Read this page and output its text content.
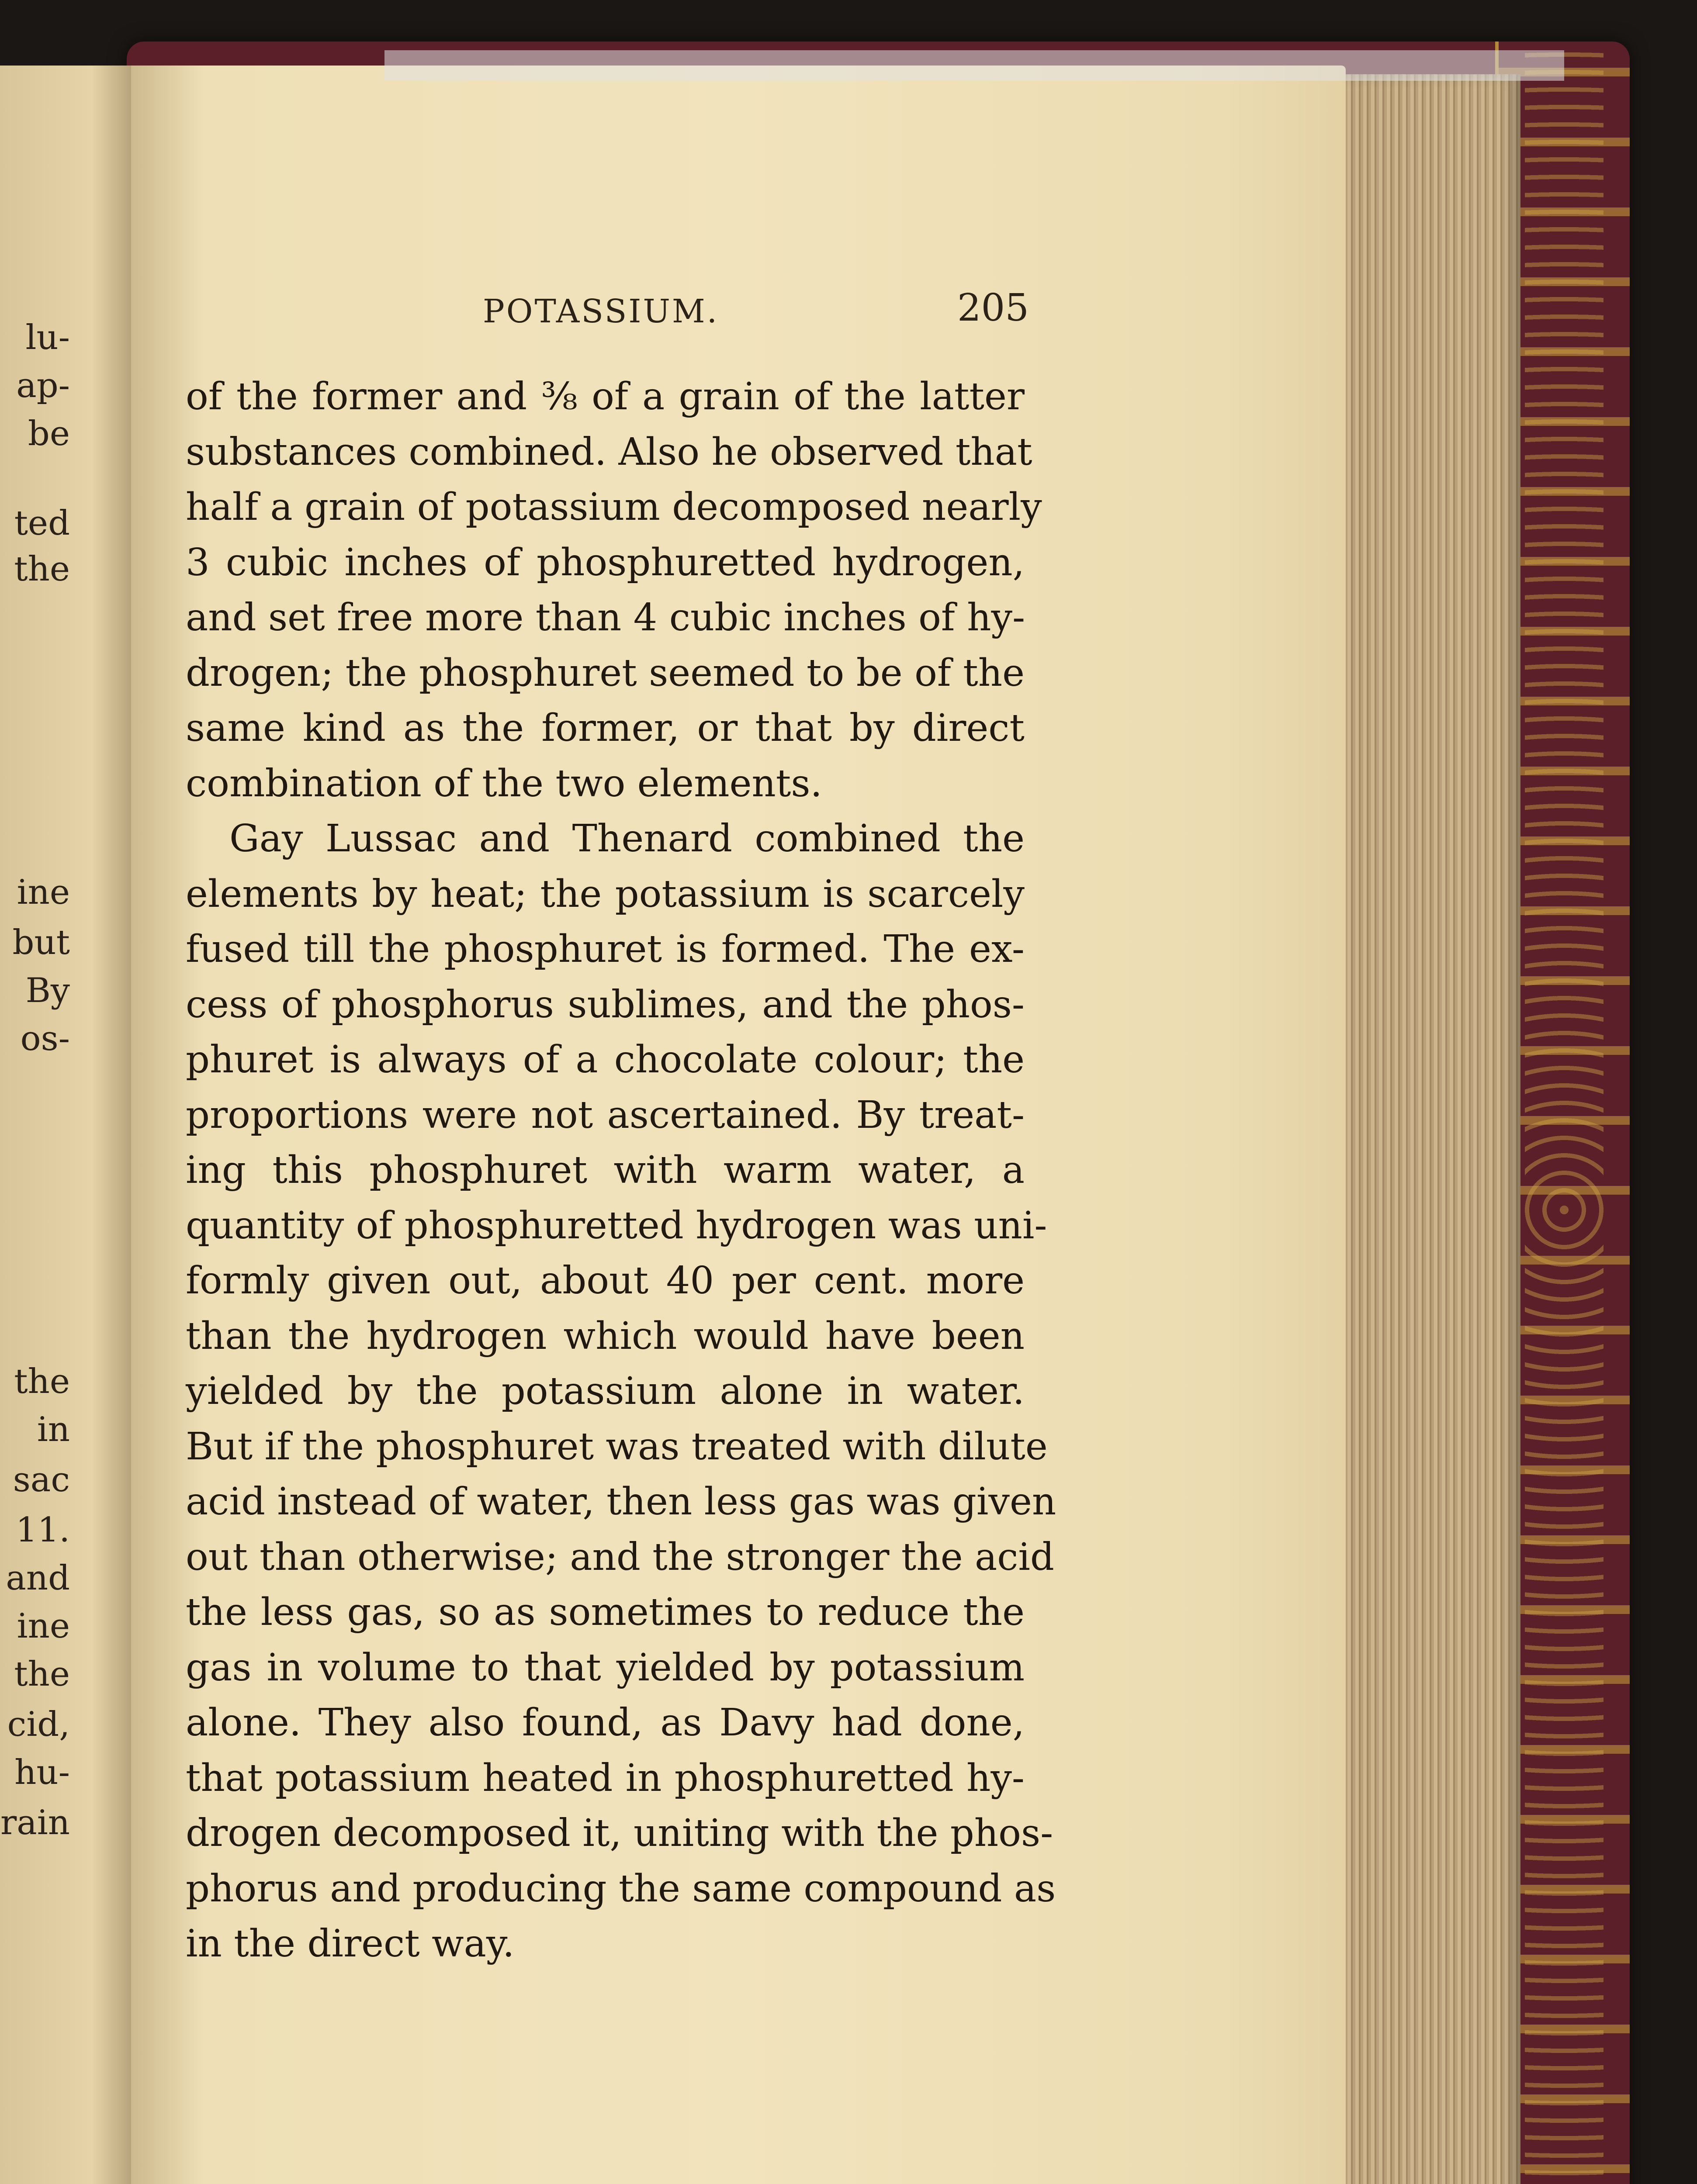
lu-
ap-
be
ted
the
ine
but
By
os-
the
in
sac
11.
and
ine
the
cid,
hu-
rain
POTASSIUM.	205
of the former and ⅜ of a grain of the latter
substances combined. Also he observed that
half a grain of potassium decomposed nearly
3 cubic inches of phosphuretted hydrogen,
and set free more than 4 cubic inches of hy-
drogen; the phosphuret seemed to be of the
same kind as the former, or that by direct
combination of the two elements.
Gay Lussac and Thenard combined the
elements by heat; the potassium is scarcely
fused till the phosphuret is formed. The ex-
cess of phosphorus sublimes, and the phos-
phuret is always of a chocolate colour; the
proportions were not ascertained. By treat-
ing this phosphuret with warm water, a
quantity of phosphuretted hydrogen was uni-
formly given out, about 40 per cent. more
than the hydrogen which would have been
yielded by the potassium alone in water.
But if the phosphuret was treated with dilute
acid instead of water, then less gas was given
out than otherwise; and the stronger the acid
the less gas, so as sometimes to reduce the
gas in volume to that yielded by potassium
alone. They also found, as Davy had done,
that potassium heated in phosphuretted hy-
drogen decomposed it, uniting with the phos-
phorus and producing the same compound as
in the direct way.
